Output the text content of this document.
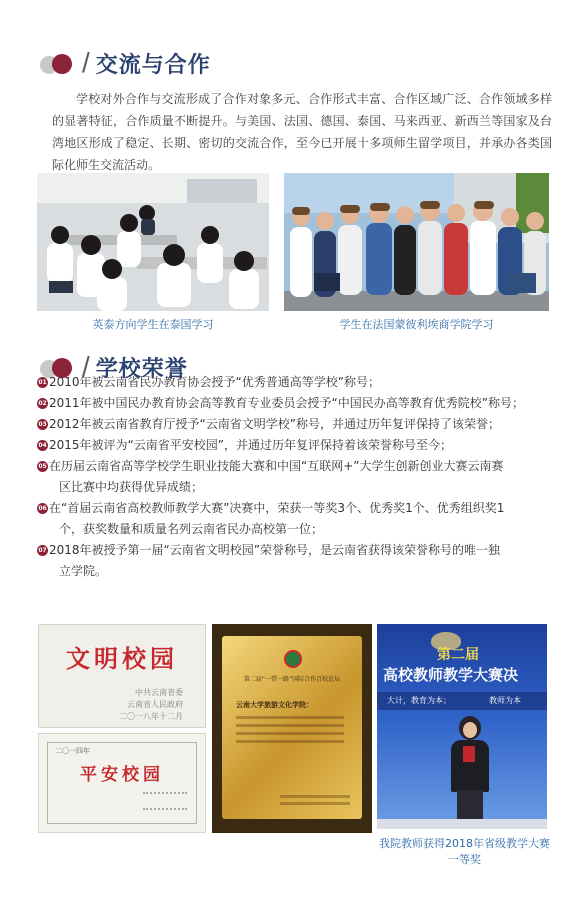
/ 交流与合作

学校对外合作与交流形成了合作对象多元、合作形式丰富、合作区域广泛、合作领域多样的显著特征，合作质量不断提升。与美国、法国、德国、泰国、马来西亚、新西兰等国家及台湾地区形成了稳定、长期、密切的交流合作，至今已开展十多项师生留学项目，并承办各类国际化师生交流活动。

英泰方向学生在泰国学习	学生在法国蒙彼利埃商学院学习
/ 学校荣誉
01 2010年被云南省民办教育协会授予“优秀普通高等学校”称号；
02 2011年被中国民办教育协会高等教育专业委员会授予“中国民办高等教育优秀院校”称号；
03 2012年被云南省教育厅授予“云南省文明学校”称号，并通过历年复评保持了该荣誉；
04 2015年被评为“云南省平安校园”，并通过历年复评保持着该荣誉称号至今；
05 在历届云南省高等学校学生职业技能大赛和中国“互联网+”大学生创新创业大赛云南赛
区比赛中均获得优异成绩；
06 在“首届云南省高校教师教学大赛”决赛中，荣获一等奖3个、优秀奖1个、优秀组织奖1
个，获奖数量和质量名列云南省民办高校第一位；
07 2018年被授予第一届“云南省文明校园”荣誉称号，是云南省获得该荣誉称号的唯一独
立学院。
文明校园
中共云南省委
云南省人民政府
二〇一八年十二月
二〇一四年
平安校园
第二届“一带一路”国际合作百校论坛
云南大学旅游文化学院：
第二届
高校教师教学大赛决
大计，教育为本；	教师为本
我院教师获得2018年省级教学大赛一等奖
